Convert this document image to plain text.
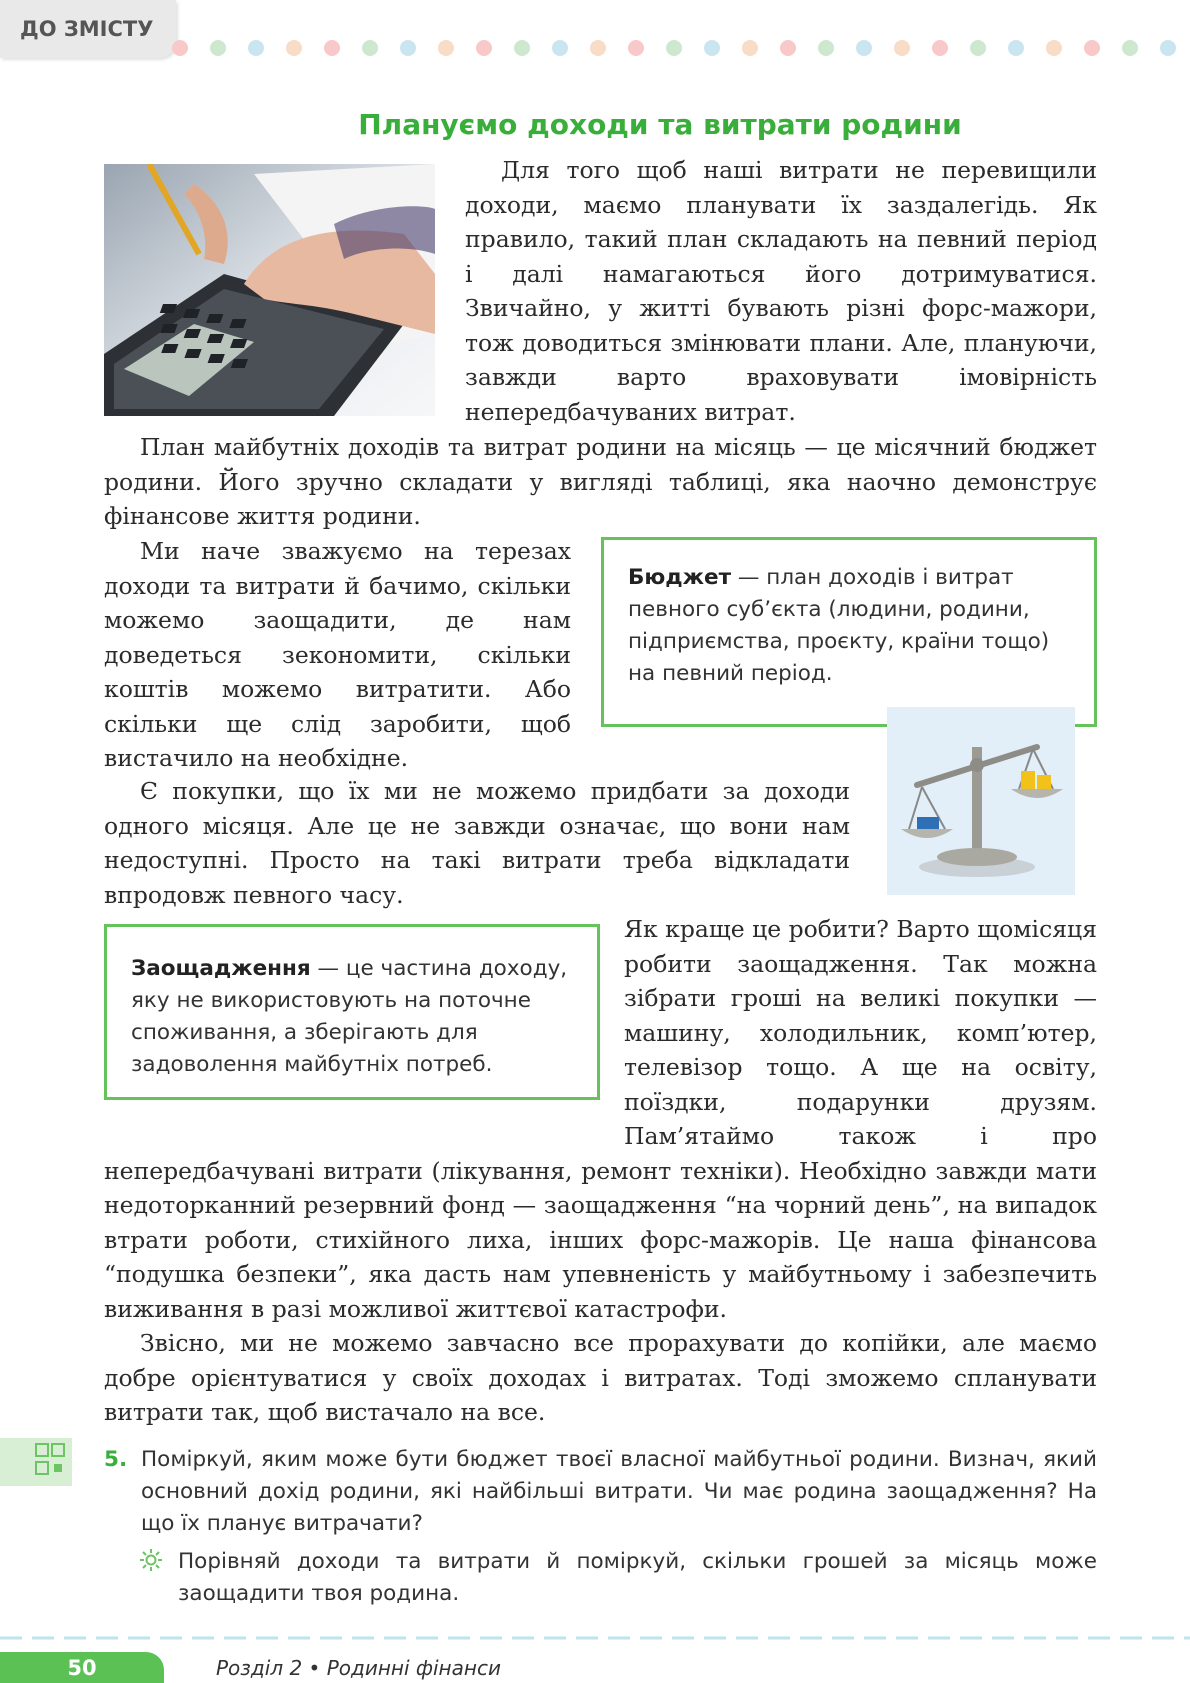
ДО ЗМІСТУ
Плануємо доходи та витрати родини

Для того щоб наші витрати не перевищили доходи, маємо планувати їх заздалегідь. Як правило, такий план складають на певний період і далі намагаються його дотримуватися. Звичайно, у житті бувають різні форс-мажори, тож доводиться змінювати плани. Але, плануючи, завжди варто враховувати імовірність непередбачуваних витрат.

План майбутніх доходів та витрат родини на місяць — це місячний бюджет родини. Його зручно складати у вигляді таблиці, яка наочно демонструє фінансове життя родини.

Ми наче зважуємо на терезах доходи та витрати й бачимо, скільки можемо заощадити, де нам доведеться зекономити, скільки коштів можемо витратити. Або скільки ще слід заробити, щоб вистачило на необхідне.

Бюджет — план доходів і витрат певного суб’єкта (людини, родини, підприємства, проєкту, країни тощо) на певний період.

Є покупки, що їх ми не можемо придбати за доходи одного місяця. Але це не завжди означає, що вони нам недоступні. Просто на такі витрати треба відкладати впродовж певного часу.

Заощадження — це частина доходу, яку не використовують на поточне споживання, а зберігають для задоволення майбутніх потреб.

Як краще це робити? Варто щомісяця робити заощадження. Так можна зібрати гроші на великі покупки — машину, холодильник, комп’ютер, телевізор тощо. А ще на освіту, поїздки, подарунки друзям. Пам’ятаймо також і про непередбачувані витрати (лікування, ремонт техніки). Необхідно завжди мати недоторканний резервний фонд — заощадження “на чорний день”, на випадок втрати роботи, стихійного лиха, інших форс-мажорів. Це наша фінансова “подушка безпеки”, яка дасть нам упевненість у майбутньому і забезпечить виживання в разі можливої життєвої катастрофи.

Звісно, ми не можемо завчасно все прорахувати до копійки, але маємо добре орієнтуватися у своїх доходах і витратах. Тоді зможемо спланувати витрати так, щоб вистачало на все.

5. Поміркуй, яким може бути бюджет твоєї власної майбутньої родини. Визнач, який основний дохід родини, які найбільші витрати. Чи має родина заощадження? На що їх планує витрачати?

Порівняй доходи та витрати й поміркуй, скільки грошей за місяць може заощадити твоя родина.

50	Розділ 2 • Родинні фінанси
